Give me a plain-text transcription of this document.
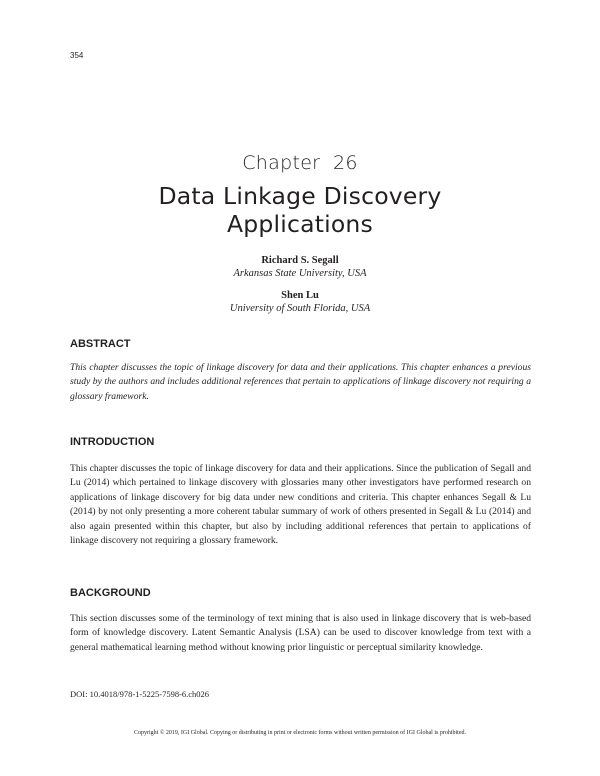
354
Chapter  26
Data Linkage Discovery Applications
Richard S. Segall
Arkansas State University, USA
Shen Lu
University of South Florida, USA
ABSTRACT

This chapter discusses the topic of linkage discovery for data and their applications. This chapter enhances a previous study by the authors and includes additional references that pertain to applications of linkage discovery not requiring a glossary framework.

INTRODUCTION

This chapter discusses the topic of linkage discovery for data and their applications. Since the publication of Segall and Lu (2014) which pertained to linkage discovery with glossaries many other investigators have performed research on applications of linkage discovery for big data under new conditions and criteria. This chapter enhances Segall & Lu (2014) by not only presenting a more coherent tabular summary of work of others presented in Segall & Lu (2014) and also again presented within this chapter, but also by including additional references that pertain to applications of linkage discovery not requiring a glossary framework.

BACKGROUND

This section discusses some of the terminology of text mining that is also used in linkage discovery that is web-based form of knowledge discovery. Latent Semantic Analysis (LSA) can be used to discover knowledge from text with a general mathematical learning method without knowing prior linguistic or perceptual similarity knowledge.

DOI: 10.4018/978-1-5225-7598-6.ch026
Copyright © 2019, IGI Global. Copying or distributing in print or electronic forms without written permission of IGI Global is prohibited.
